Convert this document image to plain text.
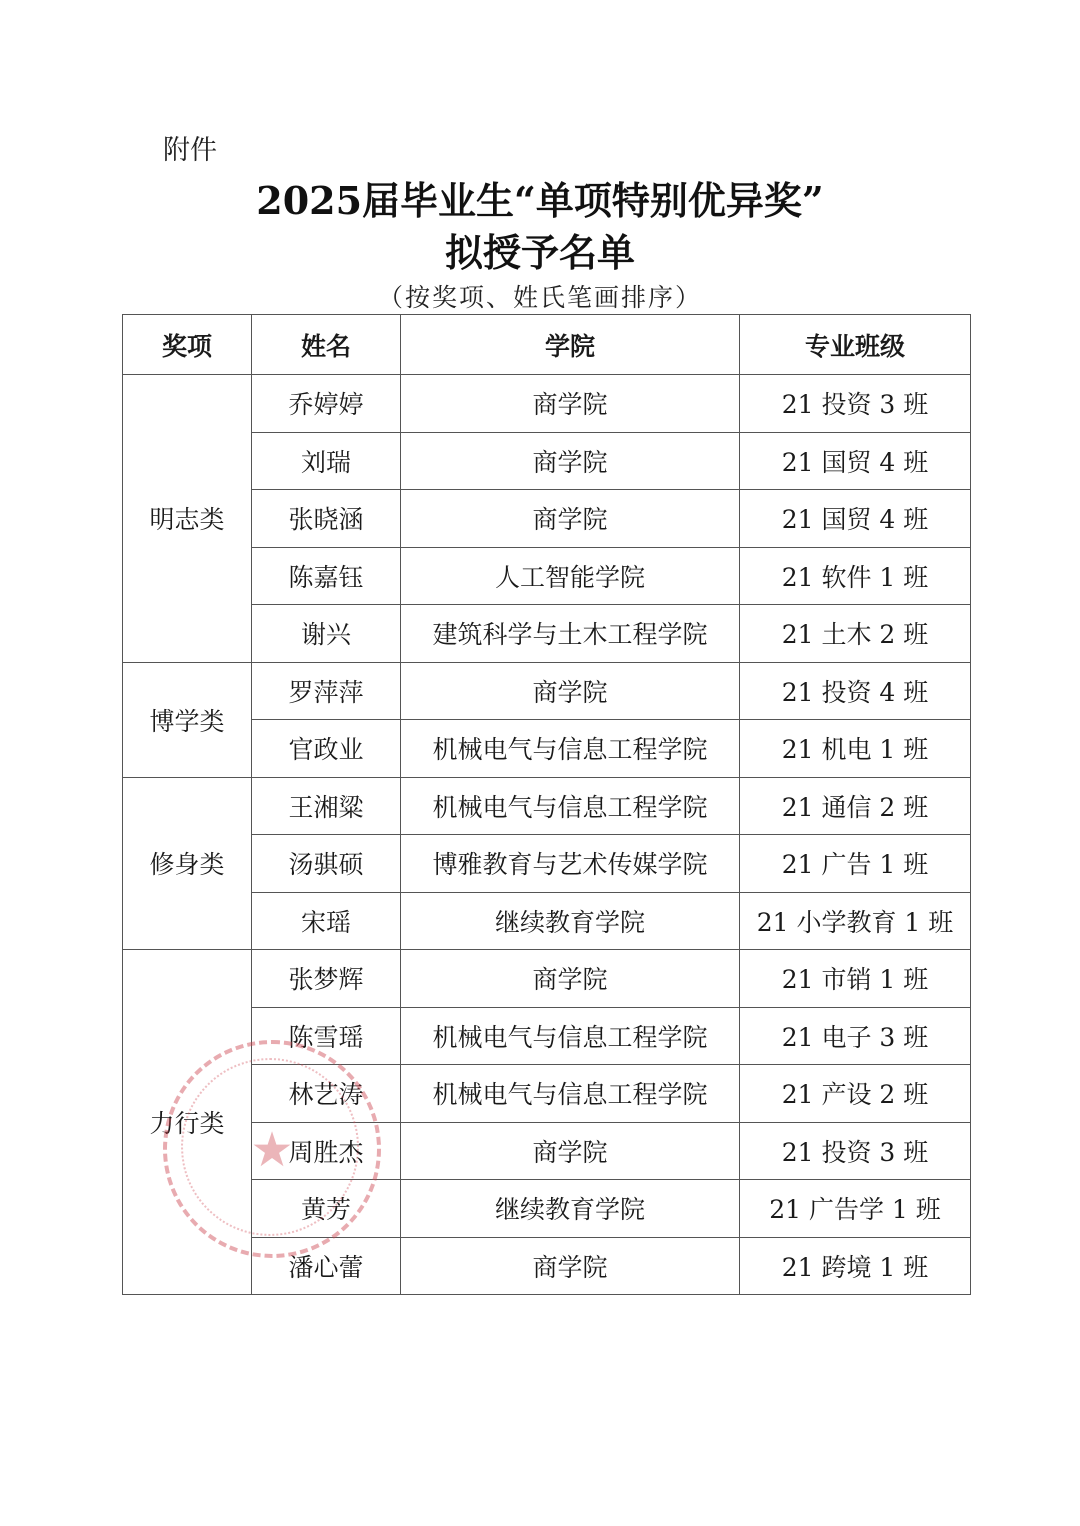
附件
2025届毕业生“单项特别优异奖”
拟授予名单
（按奖项、姓氏笔画排序）
奖项	姓名	学院	专业班级
明志类	乔婷婷	商学院	21 投资 3 班
	刘瑞	商学院	21 国贸 4 班
	张晓涵	商学院	21 国贸 4 班
	陈嘉钰	人工智能学院	21 软件 1 班
	谢兴	建筑科学与土木工程学院	21 土木 2 班
博学类	罗萍萍	商学院	21 投资 4 班
	官政业	机械电气与信息工程学院	21 机电 1 班
修身类	王湘粱	机械电气与信息工程学院	21 通信 2 班
	汤骐硕	博雅教育与艺术传媒学院	21 广告 1 班
	宋瑶	继续教育学院	21 小学教育 1 班
力行类	张梦辉	商学院	21 市销 1 班
	陈雪瑶	机械电气与信息工程学院	21 电子 3 班
	林艺涛	机械电气与信息工程学院	21 产设 2 班
	周胜杰	商学院	21 投资 3 班
	黄芳	继续教育学院	21 广告学 1 班
	潘心蕾	商学院	21 跨境 1 班
★
